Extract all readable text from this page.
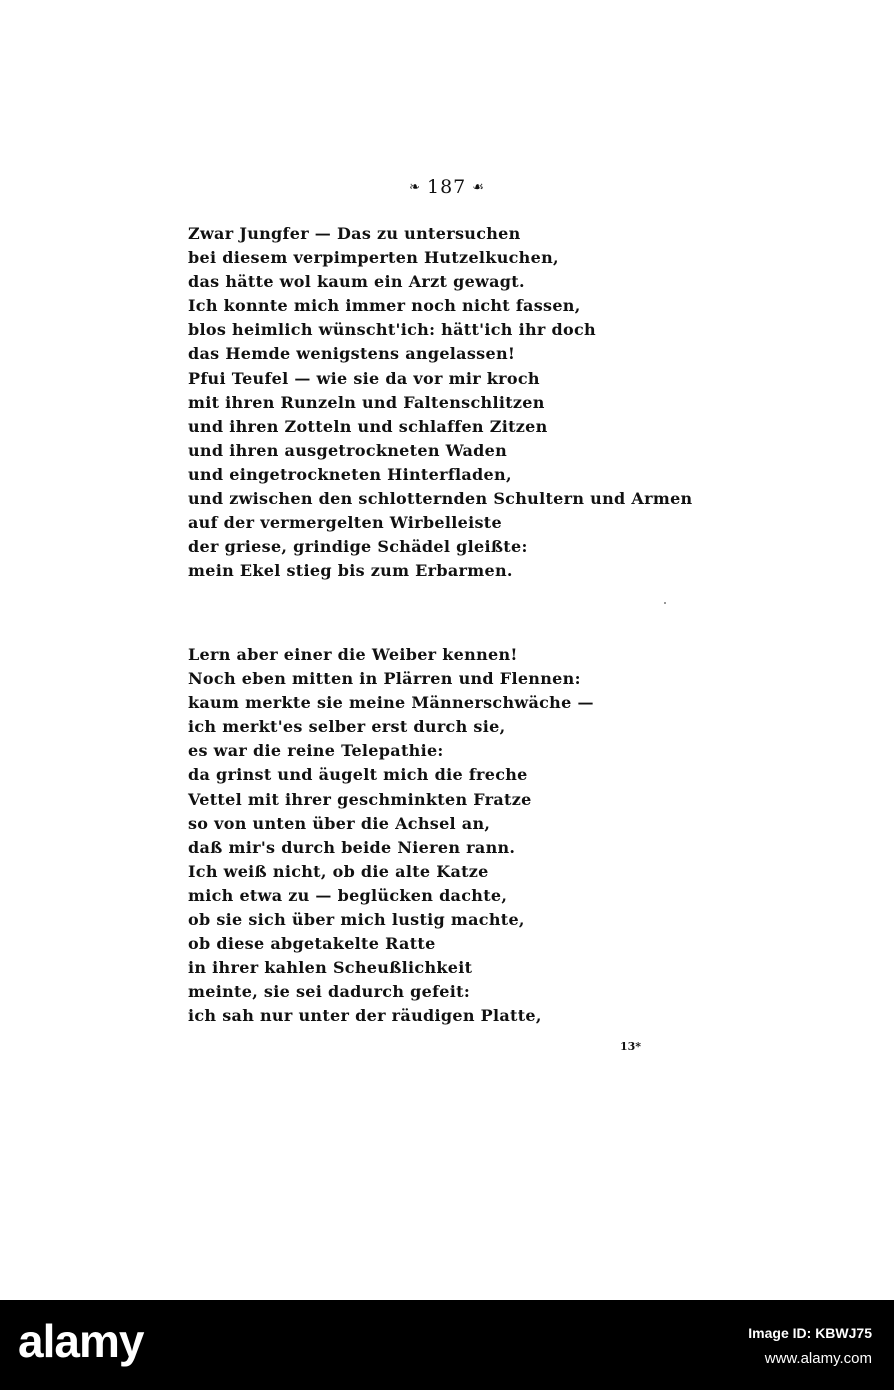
❧ 187 ☙
Zwar Jungfer — Das zu untersuchen
bei diesem verpimperten Hutzelkuchen,
das hätte wol kaum ein Arzt gewagt.
Ich konnte mich immer noch nicht fassen,
blos heimlich wünscht'ich: hätt'ich ihr doch
das Hemde wenigstens angelassen!
Pfui Teufel — wie sie da vor mir kroch
mit ihren Runzeln und Faltenschlitzen
und ihren Zotteln und schlaffen Zitzen
und ihren ausgetrockneten Waden
und eingetrockneten Hinterfladen,
und zwischen den schlotternden Schultern und Armen
auf der vermergelten Wirbelleiste
der griese, grindige Schädel gleißte:
mein Ekel stieg bis zum Erbarmen.
Lern aber einer die Weiber kennen!
Noch eben mitten in Plärren und Flennen:
kaum merkte sie meine Männerschwäche —
ich merkt'es selber erst durch sie,
es war die reine Telepathie:
da grinst und äugelt mich die freche
Vettel mit ihrer geschminkten Fratze
so von unten über die Achsel an,
daß mir's durch beide Nieren rann.
Ich weiß nicht, ob die alte Katze
mich etwa zu — beglücken dachte,
ob sie sich über mich lustig machte,
ob diese abgetakelte Ratte
in ihrer kahlen Scheußlichkeit
meinte, sie sei dadurch gefeit:
ich sah nur unter der räudigen Platte,
13*
alamy	Image ID: KBWJ75
www.alamy.com
